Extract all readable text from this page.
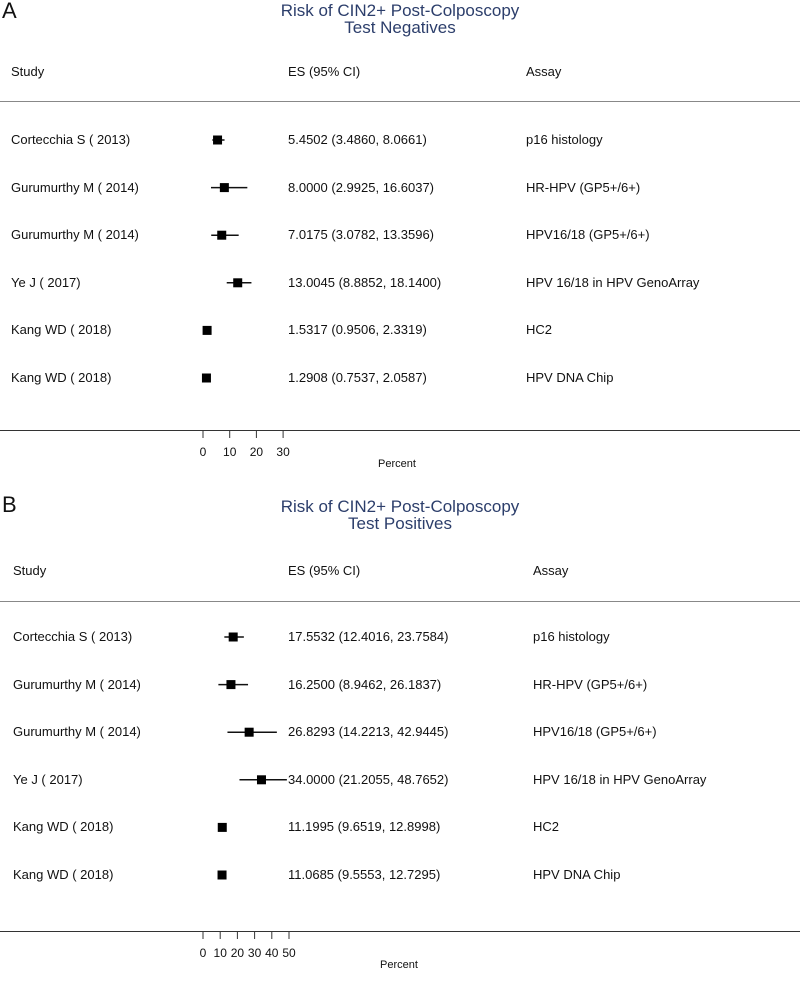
A	Risk of CIN2+ Post-Colposcopy
Test Negatives
Study	ES (95% CI)	Assay
Cortecchia S ( 2013)	5.4502 (3.4860, 8.0661)	p16 histology
Gurumurthy M ( 2014)	8.0000 (2.9925, 16.6037)	HR-HPV (GP5+/6+)
Gurumurthy M ( 2014)	7.0175 (3.0782, 13.3596)	HPV16/18 (GP5+/6+)
Ye J ( 2017)	13.0045 (8.8852, 18.1400)	HPV 16/18 in HPV GenoArray
Kang WD ( 2018)	1.5317 (0.9506, 2.3319)	HC2
Kang WD ( 2018)	1.2908 (0.7537, 2.0587)	HPV DNA Chip
0 10 20 30
Percent
B	Risk of CIN2+ Post-Colposcopy
Test Positives
Study	ES (95% CI)	Assay
Cortecchia S ( 2013)	17.5532 (12.4016, 23.7584)	p16 histology
Gurumurthy M ( 2014)	16.2500 (8.9462, 26.1837)	HR-HPV (GP5+/6+)
Gurumurthy M ( 2014)	26.8293 (14.2213, 42.9445)	HPV16/18 (GP5+/6+)
Ye J ( 2017)	34.0000 (21.2055, 48.7652)	HPV 16/18 in HPV GenoArray
Kang WD ( 2018)	11.1995 (9.6519, 12.8998)	HC2
Kang WD ( 2018)	11.0685 (9.5553, 12.7295)	HPV DNA Chip
0 10 20 30 40 50
Percent
